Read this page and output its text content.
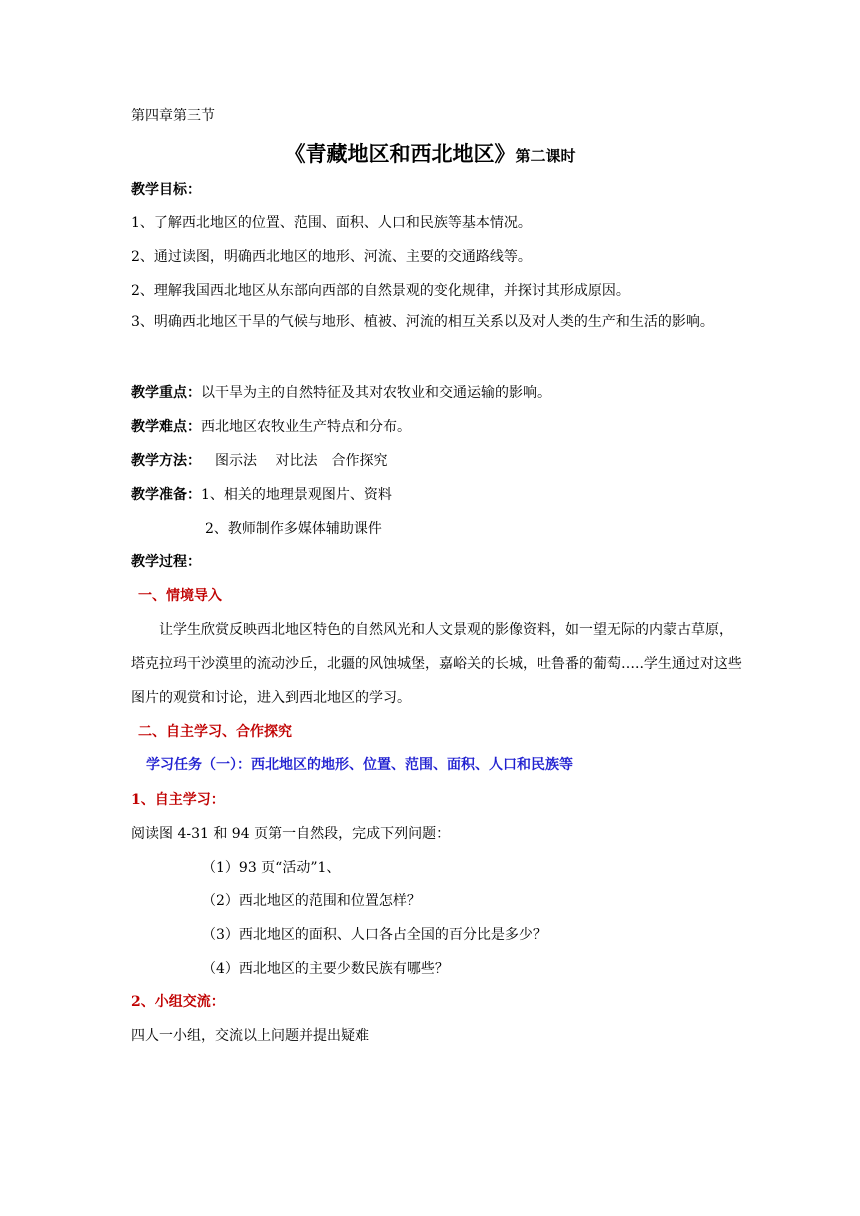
第四章第三节
《青藏地区和西北地区》第二课时
教学目标：
1、了解西北地区的位置、范围、面积、人口和民族等基本情况。
2、通过读图，明确西北地区的地形、河流、主要的交通路线等。
2、理解我国西北地区从东部向西部的自然景观的变化规律，并探讨其形成原因。
3、明确西北地区干旱的气候与地形、植被、河流的相互关系以及对人类的生产和生活的影响。
教学重点：以干旱为主的自然特征及其对农牧业和交通运输的影响。
教学难点：西北地区农牧业生产特点和分布。
教学方法： 图示法　 对比法　合作探究
教学准备：1、相关的地理景观图片、资料
2、教师制作多媒体辅助课件
教学过程：
一、情境导入
让学生欣赏反映西北地区特色的自然风光和人文景观的影像资料，如一望无际的内蒙古草原，塔克拉玛干沙漠里的流动沙丘，北疆的风蚀城堡，嘉峪关的长城，吐鲁番的葡萄…..学生通过对这些图片的观赏和讨论，进入到西北地区的学习。
二、自主学习、合作探究
学习任务（一）：西北地区的地形、位置、范围、面积、人口和民族等
1、自主学习：
阅读图 4-31 和 94 页第一自然段，完成下列问题：
（1）93 页“活动”1、
（2）西北地区的范围和位置怎样？
（3）西北地区的面积、人口各占全国的百分比是多少？
（4）西北地区的主要少数民族有哪些？
2、小组交流：
四人一小组，交流以上问题并提出疑难
